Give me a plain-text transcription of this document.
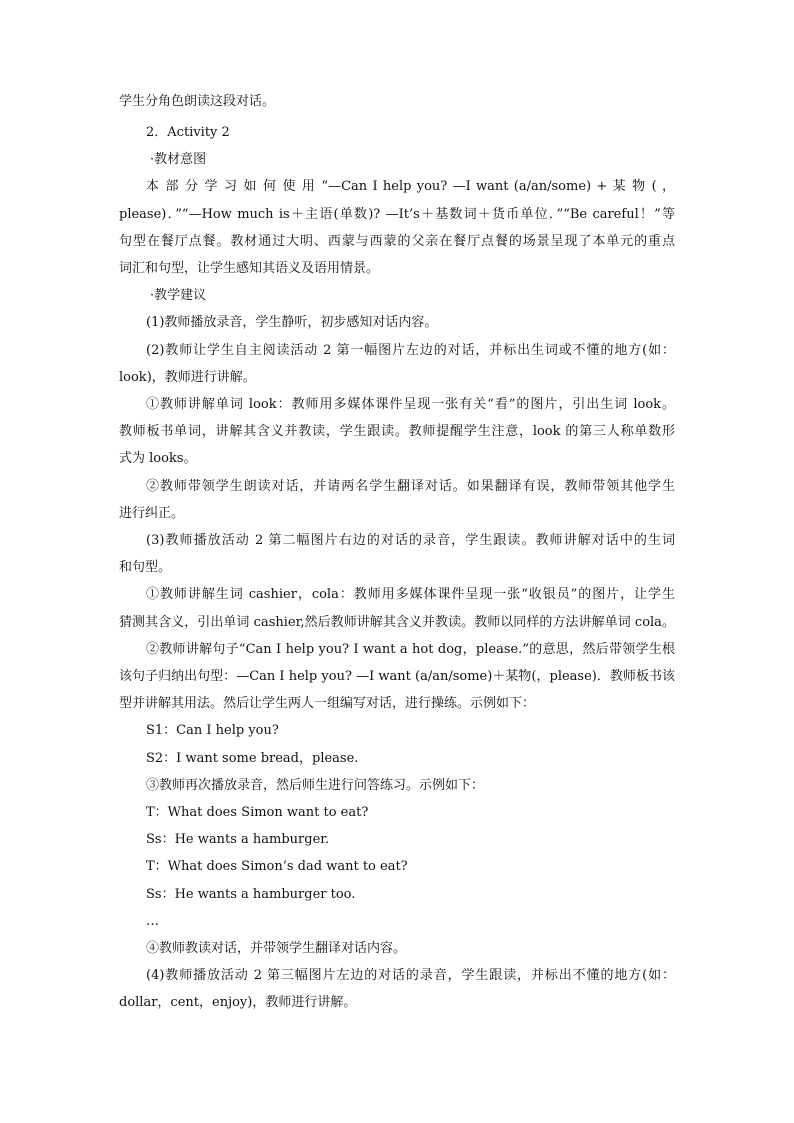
学生分角色朗读这段对话。
2．Activity 2
·教材意图
本 部 分 学 习 如 何 使 用 “—Can I help you? —I want (a/an/some) + 某 物 ( ，
please)．”“—How much is＋主语(单数)? —It’s＋基数词＋货币单位．”“Be careful！”等
句型在餐厅点餐。教材通过大明、西蒙与西蒙的父亲在餐厅点餐的场景呈现了本单元的重点
词汇和句型，让学生感知其语义及语用情景。
·教学建议
(1)教师播放录音，学生静听，初步感知对话内容。
(2)教师让学生自主阅读活动 2 第一幅图片左边的对话，并标出生词或不懂的地方(如：
look)，教师进行讲解。
①教师讲解单词 look：教师用多媒体课件呈现一张有关“看”的图片，引出生词 look。
教师板书单词，讲解其含义并教读，学生跟读。教师提醒学生注意，look 的第三人称单数形
式为 looks。
②教师带领学生朗读对话，并请两名学生翻译对话。如果翻译有误，教师带领其他学生
进行纠正。
(3)教师播放活动 2 第二幅图片右边的对话的录音，学生跟读。教师讲解对话中的生词
和句型。
①教师讲解生词 cashier，cola：教师用多媒体课件呈现一张“收银员”的图片，让学生
猜测其含义，引出单词 cashier,然后教师讲解其含义并教读。教师以同样的方法讲解单词 cola。
②教师讲解句子“Can I help you? I want a hot dog，please.”的意思，然后带领学生根
该句子归纳出句型：—Can I help you? —I want (a/an/some)＋某物(，please)．教师板书该
型并讲解其用法。然后让学生两人一组编写对话，进行操练。示例如下：
S1：Can I help you?
S2：I want some bread，please.
③教师再次播放录音，然后师生进行问答练习。示例如下：
T：What does Simon want to eat?
Ss：He wants a hamburger.
T：What does Simon’s dad want to eat?
Ss：He wants a hamburger too.
…
④教师教读对话，并带领学生翻译对话内容。
(4)教师播放活动 2 第三幅图片左边的对话的录音，学生跟读，并标出不懂的地方(如：
dollar，cent，enjoy)，教师进行讲解。
